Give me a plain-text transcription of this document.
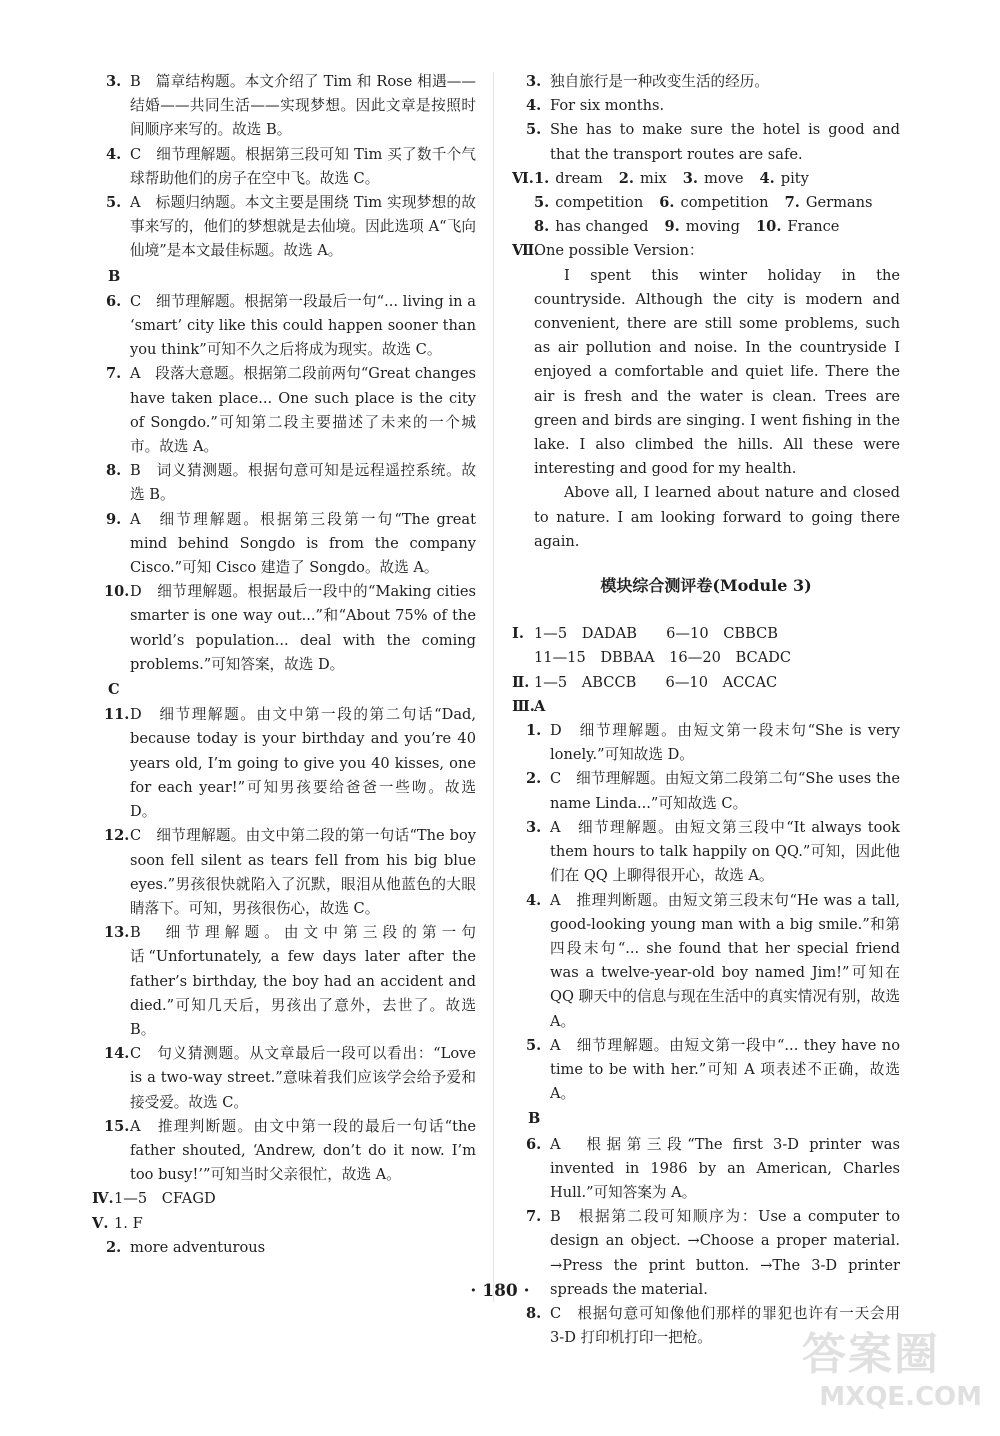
3. B　篇章结构题。本文介绍了 Tim 和 Rose 相遇——结婚——共同生活——实现梦想。因此文章是按照时间顺序来写的。故选 B。
4. C　细节理解题。根据第三段可知 Tim 买了数千个气球帮助他们的房子在空中飞。故选 C。
5. A　标题归纳题。本文主要是围绕 Tim 实现梦想的故事来写的，他们的梦想就是去仙境。因此选项 A“飞向仙境”是本文最佳标题。故选 A。
B
6. C　细节理解题。根据第一段最后一句“... living in a ‘smart’ city like this could happen sooner than you think”可知不久之后将成为现实。故选 C。
7. A　段落大意题。根据第二段前两句“Great changes have taken place... One such place is the city of Songdo.”可知第二段主要描述了未来的一个城市。故选 A。
8. B　词义猜测题。根据句意可知是远程遥控系统。故选 B。
9. A　细节理解题。根据第三段第一句“The great mind behind Songdo is from the company Cisco.”可知 Cisco 建造了 Songdo。故选 A。
10. D　细节理解题。根据最后一段中的“Making cities smarter is one way out...”和“About 75% of the world’s population... deal with the coming problems.”可知答案，故选 D。
C
11. D　细节理解题。由文中第一段的第二句话“Dad, because today is your birthday and you’re 40 years old, I’m going to give you 40 kisses, one for each year!”可知男孩要给爸爸一些吻。故选 D。
12. C　细节理解题。由文中第二段的第一句话“The boy soon fell silent as tears fell from his big blue eyes.”男孩很快就陷入了沉默，眼泪从他蓝色的大眼睛落下。可知，男孩很伤心，故选 C。
13. B　细节理解题。由文中第三段的第一句话“Unfortunately, a few days later after the father’s birthday, the boy had an accident and died.”可知几天后，男孩出了意外，去世了。故选 B。
14. C　句义猜测题。从文章最后一段可以看出：“Love is a two-way street.”意味着我们应该学会给予爱和接受爱。故选 C。
15. A　推理判断题。由文中第一段的最后一句话“the father shouted, ‘Andrew, don’t do it now. I’m too busy!’”可知当时父亲很忙，故选 A。
Ⅳ. 1—5　CFAGD
Ⅴ. 1. F
2. more adventurous
3. 独自旅行是一种改变生活的经历。
4. For six months.
5. She has to make sure the hotel is good and that the transport routes are safe.
Ⅵ. 1. dream 2. mix 3. move 4. pity
5. competition 6. competition 7. Germans
8. has changed 9. moving 10. France
Ⅶ.
One possible Version：
I spent this winter holiday in the countryside. Although the city is modern and convenient, there are still some problems, such as air pollution and noise. In the countryside I enjoyed a comfortable and quiet life. There the air is fresh and the water is clean. Trees are green and birds are singing. I went fishing in the lake. I also climbed the hills. All these were interesting and good for my health.
Above all, I learned about nature and closed to nature. I am looking forward to going there again.
模块综合测评卷(Module 3)
Ⅰ. 1—5　DADAB　　6—10　CBBCB
11—15　DBBAA　16—20　BCADC
Ⅱ. 1—5　ABCCB　　6—10　ACCAC
Ⅲ. A
1. D　细节理解题。由短文第一段末句“She is very lonely.”可知故选 D。
2. C　细节理解题。由短文第二段第二句“She uses the name Linda...”可知故选 C。
3. A　细节理解题。由短文第三段中“It always took them hours to talk happily on QQ.”可知，因此他们在 QQ 上聊得很开心，故选 A。
4. A　推理判断题。由短文第三段末句“He was a tall, good-looking young man with a big smile.”和第四段末句“... she found that her special friend was a twelve-year-old boy named Jim!”可知在 QQ 聊天中的信息与现在生活中的真实情况有别，故选 A。
5. A　细节理解题。由短文第一段中“... they have no time to be with her.”可知 A 项表述不正确，故选 A。
B
6. A　根据第三段“The first 3-D printer was invented in 1986 by an American, Charles Hull.”可知答案为 A。
7. B　根据第二段可知顺序为：Use a computer to design an object. →Choose a proper material. →Press the print button. →The 3-D printer spreads the material.
8. C　根据句意可知像他们那样的罪犯也许有一天会用 3-D 打印机打印一把枪。
· 180 ·
答案圈
MXQE.COM
